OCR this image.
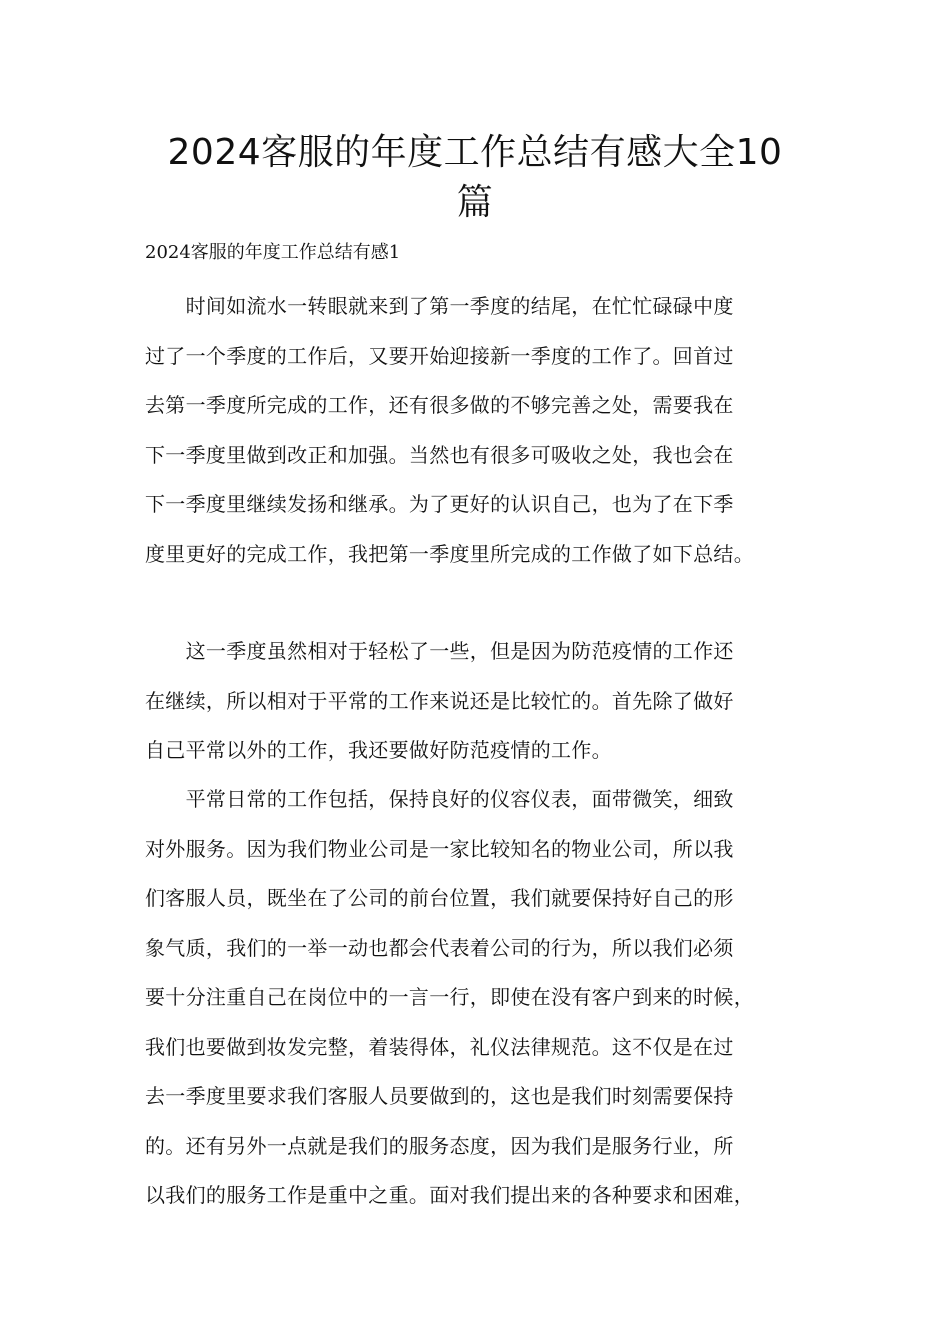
2024客服的年度工作总结有感大全10
篇
2024客服的年度工作总结有感1
　　时间如流水一转眼就来到了第一季度的结尾，在忙忙碌碌中度
过了一个季度的工作后，又要开始迎接新一季度的工作了。回首过
去第一季度所完成的工作，还有很多做的不够完善之处，需要我在
下一季度里做到改正和加强。当然也有很多可吸收之处，我也会在
下一季度里继续发扬和继承。为了更好的认识自己，也为了在下季
度里更好的完成工作，我把第一季度里所完成的工作做了如下总结。
　　这一季度虽然相对于轻松了一些，但是因为防范疫情的工作还
在继续，所以相对于平常的工作来说还是比较忙的。首先除了做好
自己平常以外的工作，我还要做好防范疫情的工作。
　　平常日常的工作包括，保持良好的仪容仪表，面带微笑，细致
对外服务。因为我们物业公司是一家比较知名的物业公司，所以我
们客服人员，既坐在了公司的前台位置，我们就要保持好自己的形
象气质，我们的一举一动也都会代表着公司的行为，所以我们必须
要十分注重自己在岗位中的一言一行，即使在没有客户到来的时候，
我们也要做到妆发完整，着装得体，礼仪法律规范。这不仅是在过
去一季度里要求我们客服人员要做到的，这也是我们时刻需要保持
的。还有另外一点就是我们的服务态度，因为我们是服务行业，所
以我们的服务工作是重中之重。面对我们提出来的各种要求和困难，
